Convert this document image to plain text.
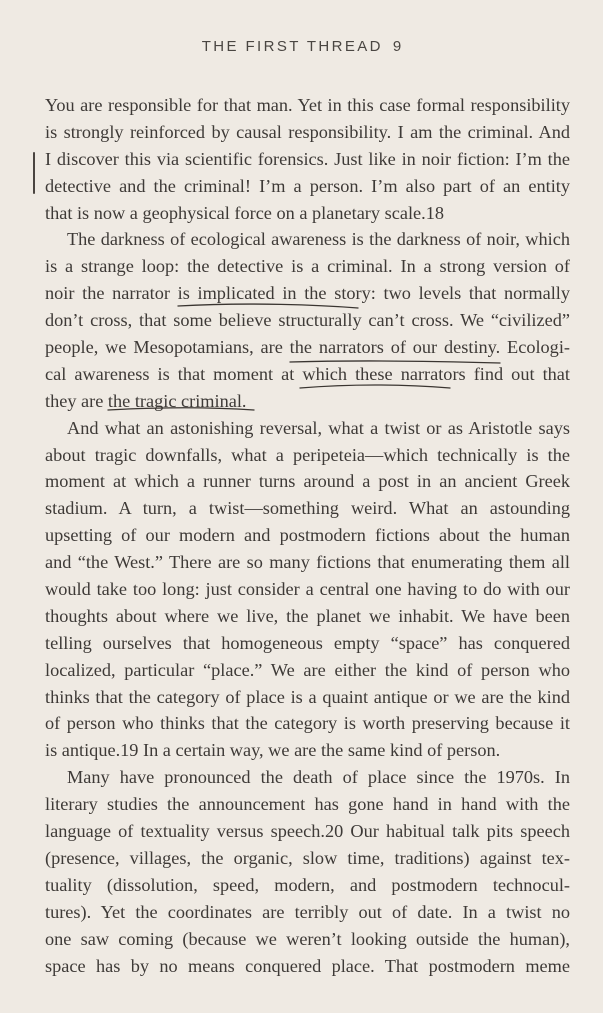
THE FIRST THREAD 9
You are responsible for that man. Yet in this case formal responsibility
is strongly reinforced by causal responsibility. I am the criminal. And
I discover this via scientific forensics. Just like in noir fiction: I’m the
detective and the criminal! I’m a person. I’m also part of an entity
that is now a geophysical force on a planetary scale.18
The darkness of ecological awareness is the darkness of noir, which
is a strange loop: the detective is a criminal. In a strong version of
noir the narrator is implicated in the story: two levels that normally
don’t cross, that some believe structurally can’t cross. We “civilized”
people, we Mesopotamians, are the narrators of our destiny. Ecologi-
cal awareness is that moment at which these narrators find out that
they are the tragic criminal.
And what an astonishing reversal, what a twist or as Aristotle says
about tragic downfalls, what a peripeteia—which technically is the
moment at which a runner turns around a post in an ancient Greek
stadium. A turn, a twist—something weird. What an astounding
upsetting of our modern and postmodern fictions about the human
and “the West.” There are so many fictions that enumerating them all
would take too long: just consider a central one having to do with our
thoughts about where we live, the planet we inhabit. We have been
telling ourselves that homogeneous empty “space” has conquered
localized, particular “place.” We are either the kind of person who
thinks that the category of place is a quaint antique or we are the kind
of person who thinks that the category is worth preserving because it
is antique.19 In a certain way, we are the same kind of person.
Many have pronounced the death of place since the 1970s. In
literary studies the announcement has gone hand in hand with the
language of textuality versus speech.20 Our habitual talk pits speech
(presence, villages, the organic, slow time, traditions) against tex-
tuality (dissolution, speed, modern, and postmodern technocul-
tures). Yet the coordinates are terribly out of date. In a twist no
one saw coming (because we weren’t looking outside the human),
space has by no means conquered place. That postmodern meme
